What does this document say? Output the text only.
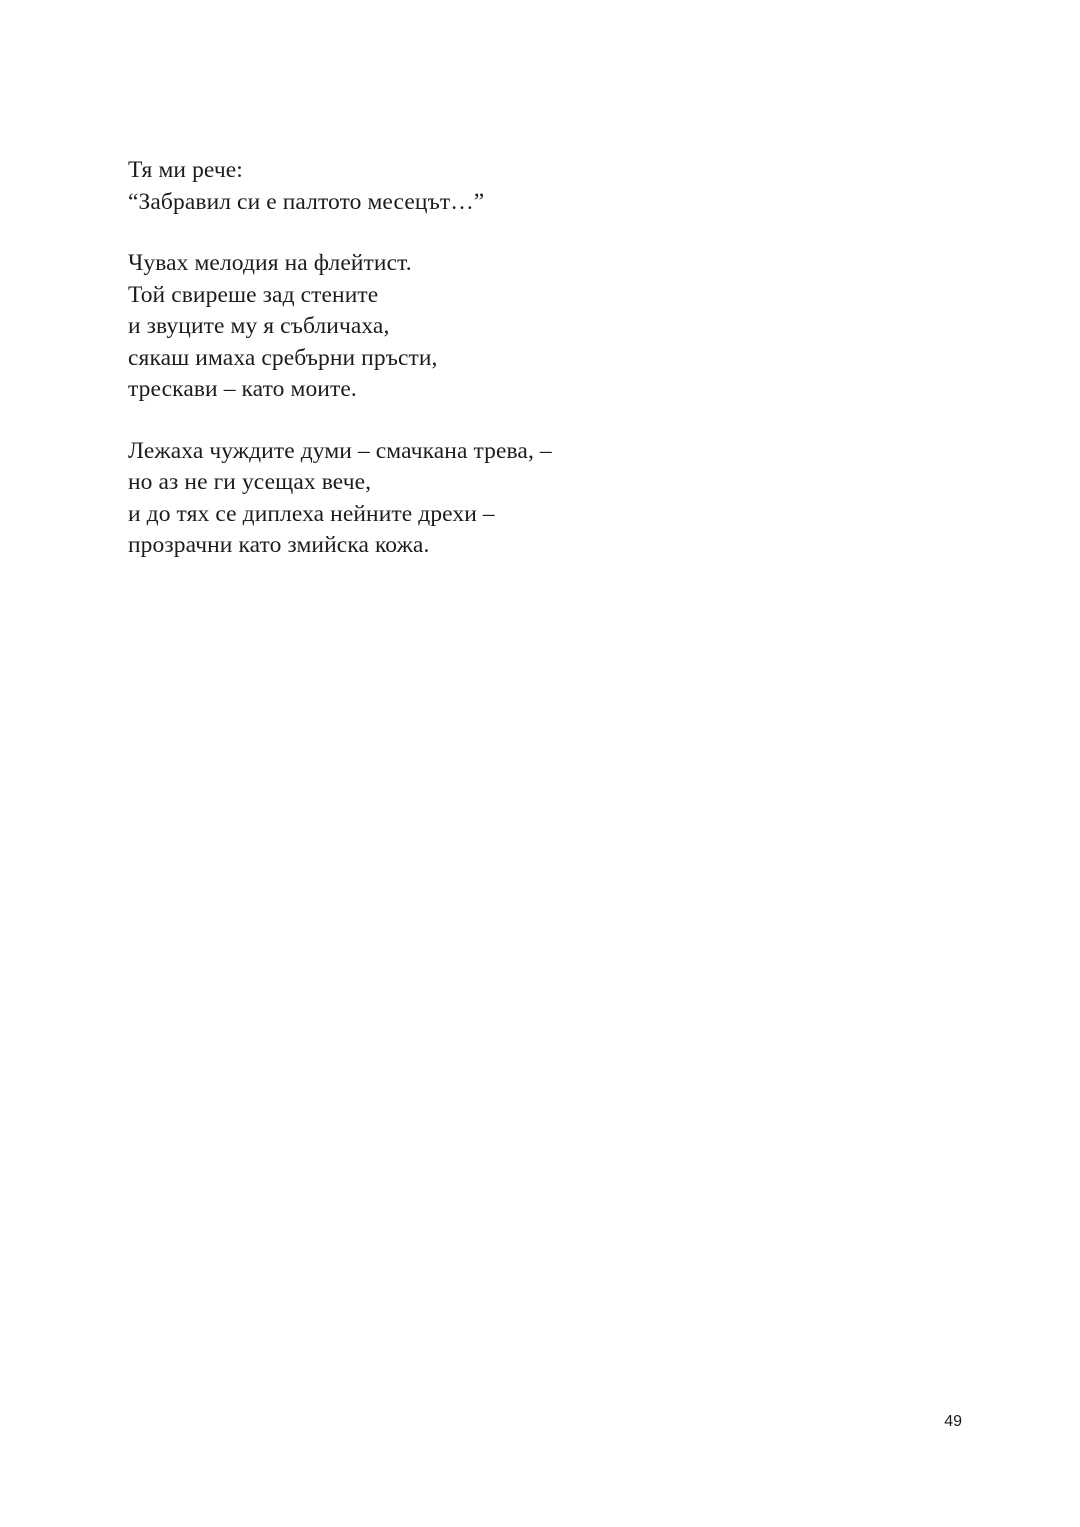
Тя ми рече:
“Забравил си е палтото месецът…”
Чувах мелодия на флейтист.
Той свиреше зад стените
и звуците му я събличаха,
сякаш имаха сребърни пръсти,
трескави – като моите.
Лежаха чуждите думи – смачкана трева, –
но аз не ги усещах вече,
и до тях се диплеха нейните дрехи –
прозрачни като змийска кожа.
49
